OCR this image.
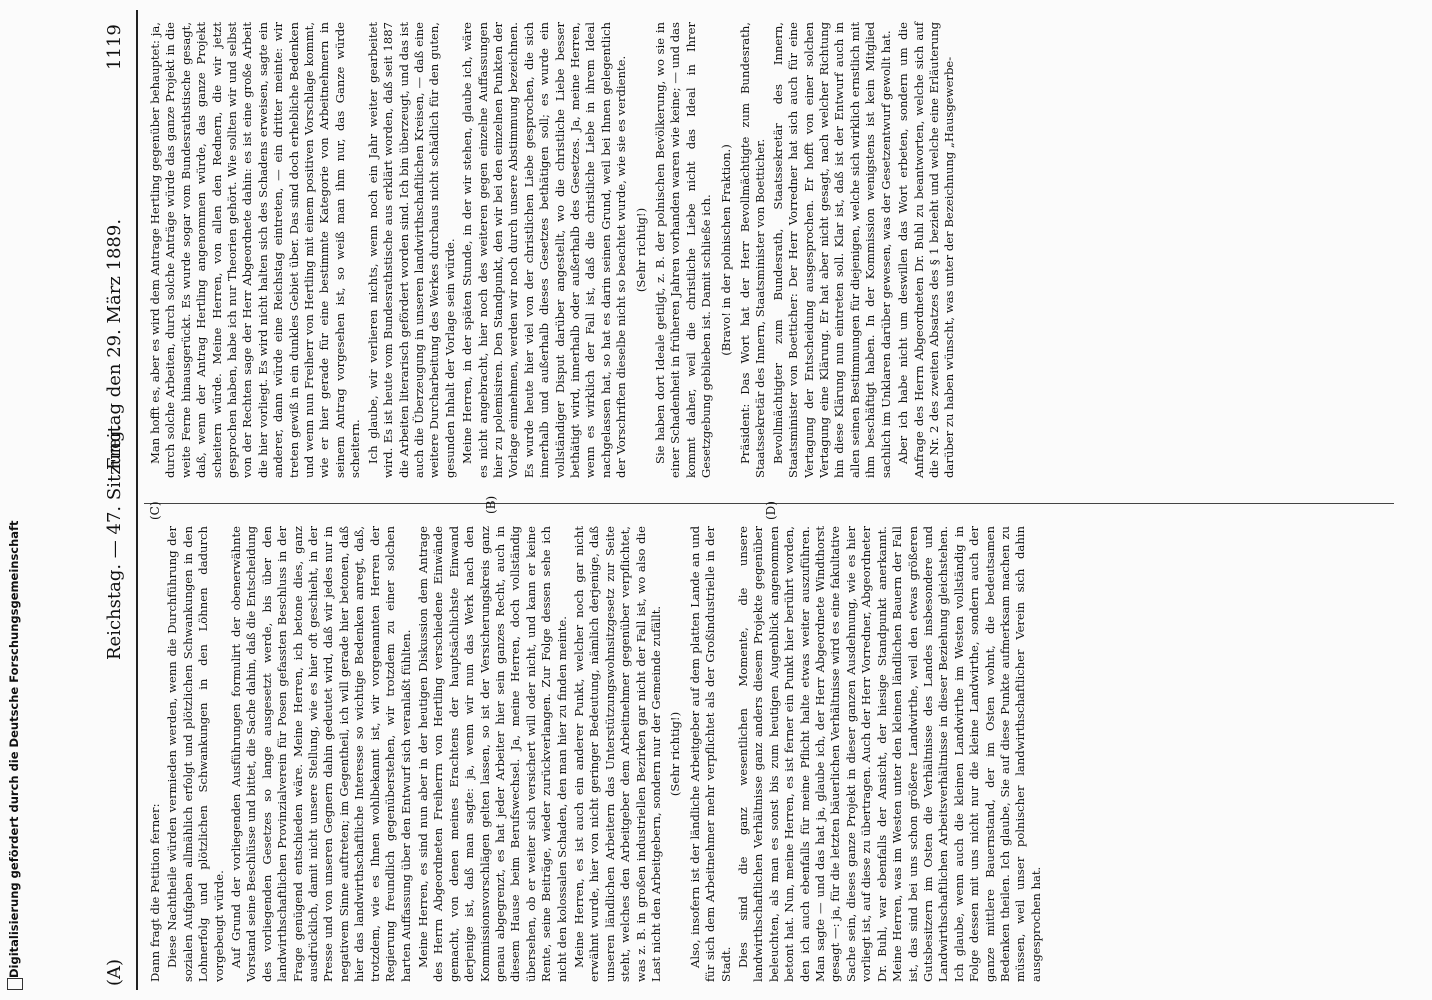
(A)
Reichstag. — 47. Sitzung.
Freitag den 29. März 1889.
1119
(B)
(C)	(D)

Dann fragt die Petition ferner: Diese Nachtheile würden vermieden werden, wenn die Durchführung der sozialen Aufgaben allmählich erfolgt und plötzlichen Schwankungen in den Lohnerfolg und plötzlichen Schwankungen in den Löhnen dadurch vorgebeugt würde. Auf Grund der vorliegenden Ausführungen formulirt der obenerwähnte Vorstand seine Beschlüsse und bittet, die Sache dahin, daß die Entscheidung des vorliegenden Gesetzes so lange ausgesetzt werde, bis über den landwirthschaftlichen Provinzialverein für Posen gefassten Beschluss in der Frage genügend entschieden wäre. Meine Herren, ich betone dies, ganz ausdrücklich, damit nicht unsere Stellung, wie es hier oft geschieht, in der Presse und von unseren Gegnern dahin gedeutet wird, daß wir jedes nur in negativem Sinne auftreten; im Gegentheil, ich will gerade hier betonen, daß hier das landwirthschaftliche Interesse so wichtige Bedenken anregt, daß, trotzdem, wie es Ihnen wohlbekannt ist, wir vorgenannten Herren der Regierung freundlich gegenüberstehen, wir trotzdem zu einer solchen harten Auffassung über den Entwurf sich veranlaßt fühlten. Meine Herren, es sind nun aber in der heutigen Diskussion dem Antrage des Herrn Abgeordneten Freiherrn von Hertling verschiedene Einwände gemacht, von denen meines Erachtens der hauptsächlichste Einwand derjenige ist, daß man sagte: ja, wenn wir nun das Werk nach den Kommissionsvorschlägen gelten lassen, so ist der Versicherungskreis ganz genau abgegrenzt, es hat jeder Arbeiter hier sein ganzes Recht, auch in diesem Hause beim Berufswechsel. Ja, meine Herren, doch vollständig übersehen, ob er weiter sich versichert will oder nicht, und kann er keine Rente, seine Beiträge, wieder zurückverlangen. Zur Folge dessen sehe ich nicht den kolossalen Schaden, den man hier zu finden meinte. Meine Herren, es ist auch ein anderer Punkt, welcher noch gar nicht erwähnt wurde, hier von nicht geringer Bedeutung, nämlich derjenige, daß unseren ländlichen Arbeitern das Unterstützungswohnsitzgesetz zur Seite steht, welches den Arbeitgeber dem Arbeitnehmer gegenüber verpflichtet, was z. B. in großen industriellen Bezirken gar nicht der Fall ist, wo also die Last nicht den Arbeitgebern, sondern nur der Gemeinde zufällt. (Sehr richtig!) Also, insofern ist der ländliche Arbeitgeber auf dem platten Lande an und für sich dem Arbeitnehmer mehr verpflichtet als der Großindustrielle in der Stadt. Dies sind die ganz wesentlichen Momente, die unsere landwirthschaftlichen Verhältnisse ganz anders diesem Projekte gegenüber beleuchten, als man es sonst bis zum heutigen Augenblick angenommen betont hat. Nun, meine Herren, es ist ferner ein Punkt hier berührt worden, den ich auch ebenfalls für meine Pflicht halte etwas weiter auszuführen. Man sagte — und das hat ja, glaube ich, der Herr Abgeordnete Windthorst gesagt —: ja, für die letzten bäuerlichen Verhältnisse wird es eine fakultative Sache sein, dieses ganze Projekt in dieser ganzen Ausdehnung, wie es hier vorliegt ist, auf diese zu übertragen. Auch der Herr Vorredner, Abgeordneter Dr. Buhl, war ebenfalls der Ansicht, der hiesige Standpunkt anerkannt. Meine Herren, was im Westen unter den kleinen ländlichen Bauern der Fall ist, das sind bei uns schon größere Landwirthe, weil den etwas größeren Gutsbesitzern im Osten die Verhältnisse des Landes insbesondere und Landwirthschaftlichen Arbeitsverhältnisse in dieser Beziehung gleichstehen. Ich glaube, wenn auch die kleinen Landwirthe im Westen vollständig in Folge dessen mit uns nicht nur die kleine Landwirthe, sondern auch der ganze mittlere Bauernstand, der im Osten wohnt, die bedeutsamen Bedenken theilen. Ich glaube, Sie auf diese Punkte aufmerksam machen zu müssen, weil unser polnischer landwirthschaftlicher Verein sich dahin ausgesprochen hat.

Man hofft es, aber es wird dem Antrage Hertling gegenüber behauptet: ja, durch solche Arbeiten, durch solche Anträge würde das ganze Projekt in die weite Ferne hinausgerückt. Es wurde sogar vom Bundesrathstische gesagt, daß, wenn der Antrag Hertling angenommen würde, das ganze Projekt scheitern würde. Meine Herren, von allen den Rednern, die wir jetzt gesprochen haben, habe ich nur Theorien gehört. Wie sollten wir und selbst von der Rechten sage der Herr Abgeordnete dahin: es ist eine große Arbeit die hier vorliegt. Es wird nicht halten sich des Schadens erweisen, sagte ein anderer, dann würde eine Reichstag eintreten, — ein dritter meinte: wir treten gewiß in ein dunkles Gebiet über. Das sind doch erhebliche Bedenken und wenn nun Freiherr von Hertling mit einem positiven Vorschlage kommt, wie er hier gerade für eine bestimmte Kategorie von Arbeitnehmern in seinem Antrag vorgesehen ist, so weiß man ihm nur, das Ganze würde scheitern. Ich glaube, wir verlieren nichts, wenn noch ein Jahr weiter gearbeitet wird. Es ist heute vom Bundesrathstische aus erklärt worden, daß seit 1887 die Arbeiten literarisch gefördert worden sind. Ich bin überzeugt, und das ist auch die Überzeugung in unseren landwirthschaftlichen Kreisen, — daß eine weitere Durcharbeitung des Werkes durchaus nicht schädlich für den guten, gesunden Inhalt der Vorlage sein würde. Meine Herren, in der späten Stunde, in der wir stehen, glaube ich, wäre es nicht angebracht, hier noch des weiteren gegen einzelne Auffassungen hier zu polemisiren. Den Standpunkt, den wir bei den einzelnen Punkten der Vorlage einnehmen, werden wir noch durch unsere Abstimmung bezeichnen. Es wurde heute hier viel von der christlichen Liebe gesprochen, die sich innerhalb und außerhalb dieses Gesetzes bethätigen soll; es wurde ein vollständiger Disput darüber angestellt, wo die christliche Liebe besser bethätigt wird, innerhalb oder außerhalb des Gesetzes. Ja, meine Herren, wenn es wirklich der Fall ist, daß die christliche Liebe in ihrem Ideal nachgelassen hat, so hat es darin seinen Grund, weil bei Ihnen gelegentlich der Vorschriften dieselbe nicht so beachtet wurde, wie sie es verdiente. (Sehr richtig!) Sie haben dort Ideale getilgt, z. B. der polnischen Bevölkerung, wo sie in einer Schadenheit in früheren Jahren vorhanden waren wie keine; — und das kommt daher, weil die christliche Liebe nicht das Ideal in Ihrer Gesetzgebung geblieben ist. Damit schließe ich. (Bravo! in der polnischen Fraktion.) Präsident: Das Wort hat der Herr Bevollmächtigte zum Bundesrath, Staatssekretär des Innern, Staatsminister von Boetticher. Bevollmächtigter zum Bundesrath, Staatssekretär des Innern, Staatsminister von Boetticher: Der Herr Vorredner hat sich auch für eine Vertagung der Entscheidung ausgesprochen. Er hofft von einer solchen Vertagung eine Klärung. Er hat aber nicht gesagt, nach welcher Richtung hin diese Klärung nun eintreten soll. Klar ist, daß ist der Entwurf auch in allen seinen Bestimmungen für diejenigen, welche sich wirklich ernstlich mit ihm beschäftigt haben. In der Kommission wenigstens ist kein Mitglied sachlich im Unklaren darüber gewesen, was der Gesetzentwurf gewollt hat. Aber ich habe nicht um deswillen das Wort erbeten, sondern um die Anfrage des Herrn Abgeordneten Dr. Buhl zu beantworten, welche sich auf die Nr. 2 des zweiten Absatzes des § 1 bezieht und welche eine Erläuterung darüber zu haben wünscht, was unter der Bezeichnung „Hausgewerbe-

Digitalisierung gefördert durch die Deutsche Forschungsgemeinschaft
